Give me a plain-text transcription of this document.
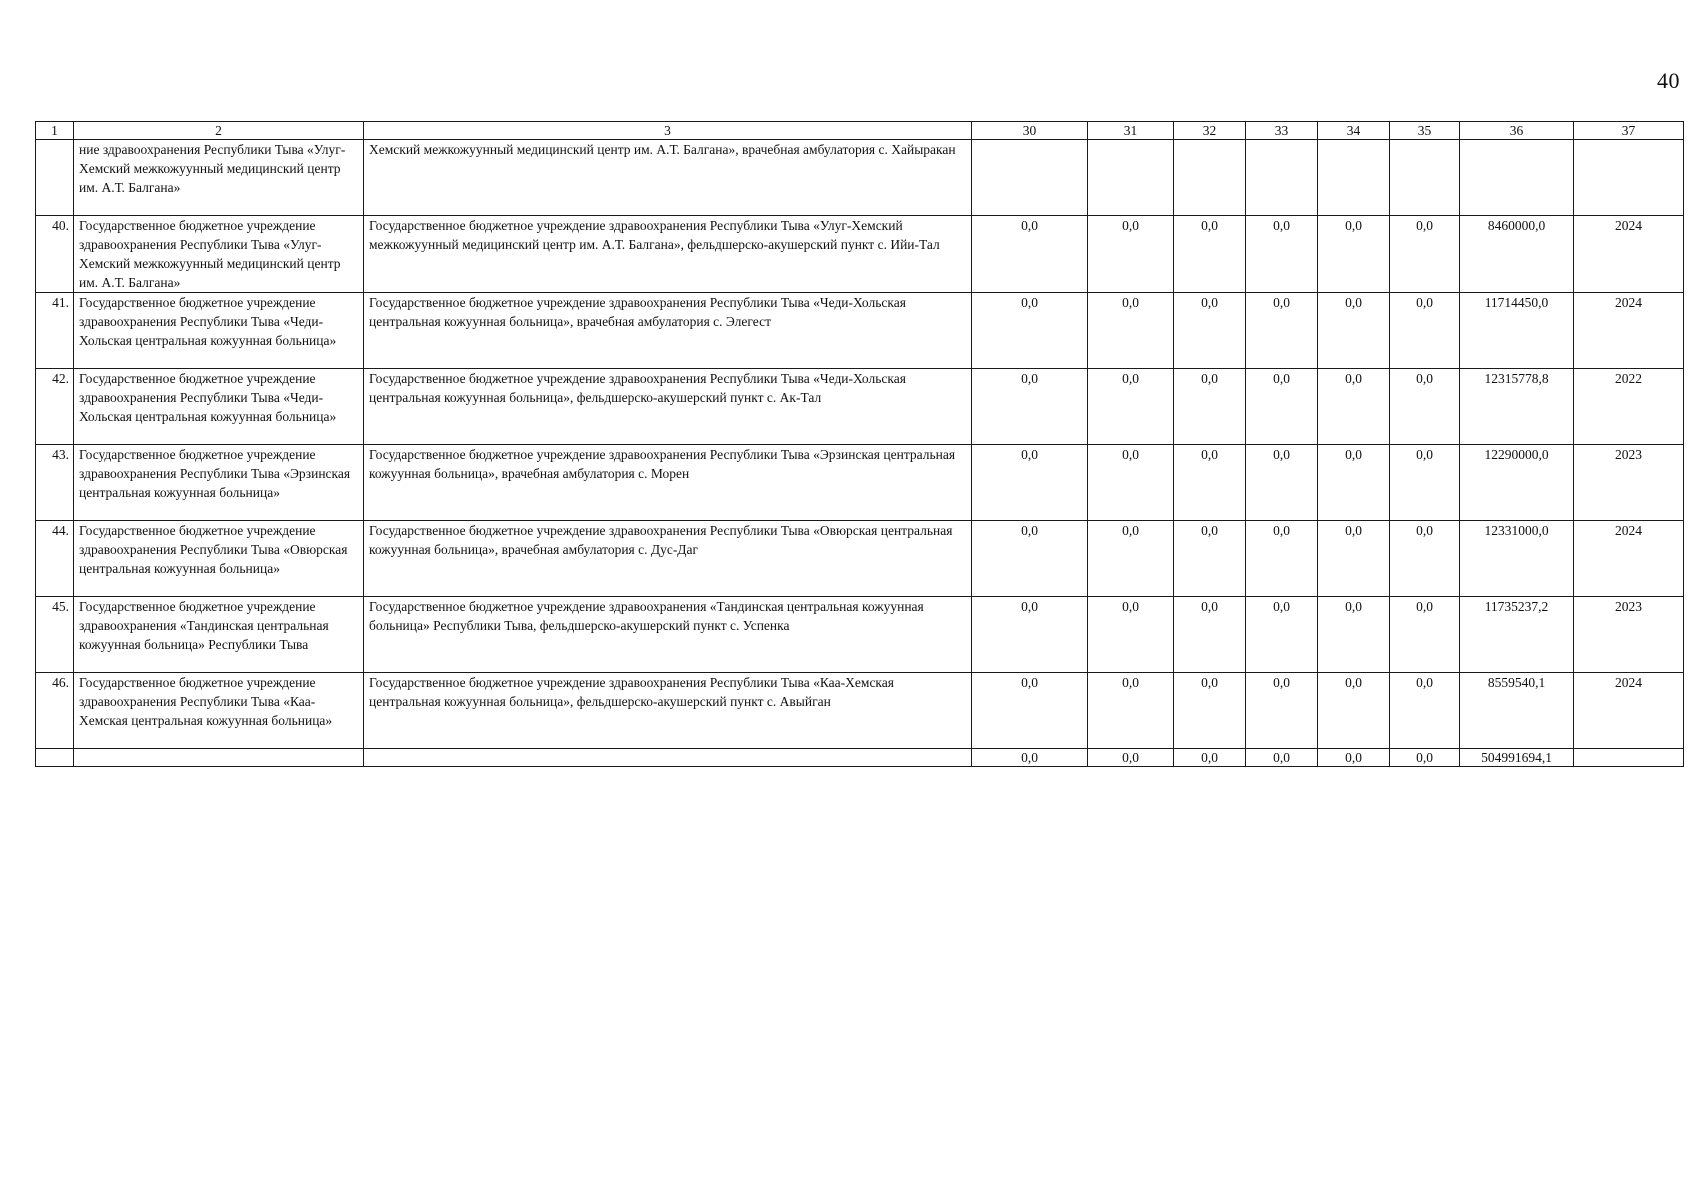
40
1	2	3	30	31	32	33	34	35	36	37
	ние здравоохранения Республики Тыва «Улуг-Хемский межкожуунный медицинский центр им. А.Т. Балгана»	Хемский межкожуунный медицинский центр им. А.Т. Балгана», врачебная амбулатория с. Хайыракан								
40.	Государственное бюджетное учреждение здравоохранения Республики Тыва «Улуг-Хемский межкожуунный медицинский центр им. А.Т. Балгана»	Государственное бюджетное учреждение здравоохранения Республики Тыва «Улуг-Хемский межкожуунный медицинский центр им. А.Т. Балгана», фельдшерско-акушерский пункт с. Ийи-Тал	0,0	0,0	0,0	0,0	0,0	0,0	8460000,0	2024
41.	Государственное бюджетное учреждение здравоохранения Республики Тыва «Чеди-Хольская центральная кожуунная больница»	Государственное бюджетное учреждение здравоохранения Республики Тыва «Чеди-Хольская центральная кожуунная больница», врачебная амбулатория с. Элегест	0,0	0,0	0,0	0,0	0,0	0,0	11714450,0	2024
42.	Государственное бюджетное учреждение здравоохранения Республики Тыва «Чеди-Хольская центральная кожуунная больница»	Государственное бюджетное учреждение здравоохранения Республики Тыва «Чеди-Хольская центральная кожуунная больница», фельдшерско-акушерский пункт с. Ак-Тал	0,0	0,0	0,0	0,0	0,0	0,0	12315778,8	2022
43.	Государственное бюджетное учреждение здравоохранения Республики Тыва «Эрзинская центральная кожуунная больница»	Государственное бюджетное учреждение здравоохранения Республики Тыва «Эрзинская центральная кожуунная больница», врачебная амбулатория с. Морен	0,0	0,0	0,0	0,0	0,0	0,0	12290000,0	2023
44.	Государственное бюджетное учреждение здравоохранения Республики Тыва «Овюрская центральная кожуунная больница»	Государственное бюджетное учреждение здравоохранения Республики Тыва «Овюрская центральная кожуунная больница», врачебная амбулатория с. Дус-Даг	0,0	0,0	0,0	0,0	0,0	0,0	12331000,0	2024
45.	Государственное бюджетное учреждение здравоохранения «Тандинская центральная кожуунная больница» Республики Тыва	Государственное бюджетное учреждение здравоохранения «Тандинская центральная кожуунная больница» Республики Тыва, фельдшерско-акушерский пункт с. Успенка	0,0	0,0	0,0	0,0	0,0	0,0	11735237,2	2023
46.	Государственное бюджетное учреждение здравоохранения Республики Тыва «Каа-Хемская центральная кожуунная больница»	Государственное бюджетное учреждение здравоохранения Республики Тыва «Каа-Хемская центральная кожуунная больница», фельдшерско-акушерский пункт с. Авыйган	0,0	0,0	0,0	0,0	0,0	0,0	8559540,1	2024
			0,0	0,0	0,0	0,0	0,0	0,0	504991694,1	
